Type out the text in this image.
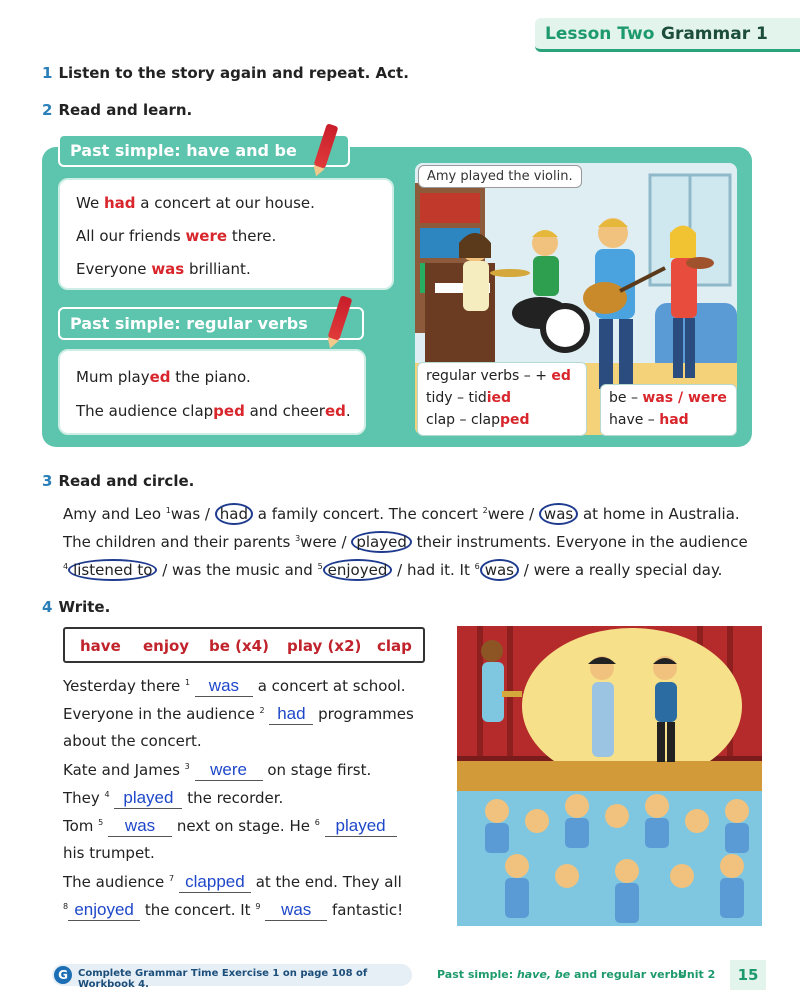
Lesson Two Grammar 1
1 Listen to the story again and repeat. Act.
2 Read and learn.
Past simple: have and be

We had a concert at our house.

All our friends were there.

Everyone was brilliant.

Past simple: regular verbs

Mum played the piano.

The audience clapped and cheered.

Amy played the violin.
regular verbs – + ed
tidy – tidied
clap – clapped
be – was / were
have – had
3 Read and circle.
Amy and Leo $^1$was / had a family concert. The concert $^2$were / was at home in Australia.
The children and their parents $^3$were / played their instruments. Everyone in the audience
$^4$ listened to / was the music and $^5$ enjoyed / had it. It $^6$ was / were a really special day.
4 Write.
have enjoy be (x4) play (x2) clap
Yesterday there $^1$ was a concert at school.
Everyone in the audience $^2$ had programmes
about the concert.
Kate and James $^3$ were on stage first.
They $^4$ played the recorder.
Tom $^5$ was next on stage. He $^6$ played
his trumpet.
The audience $^7$ clapped at the end. They all
$^8$ enjoyed the concert. It $^9$ was fantastic!
G	Complete Grammar Time Exercise 1 on page 108 of Workbook 4.
Past simple: have, be and regular verbs
Unit 2	15
